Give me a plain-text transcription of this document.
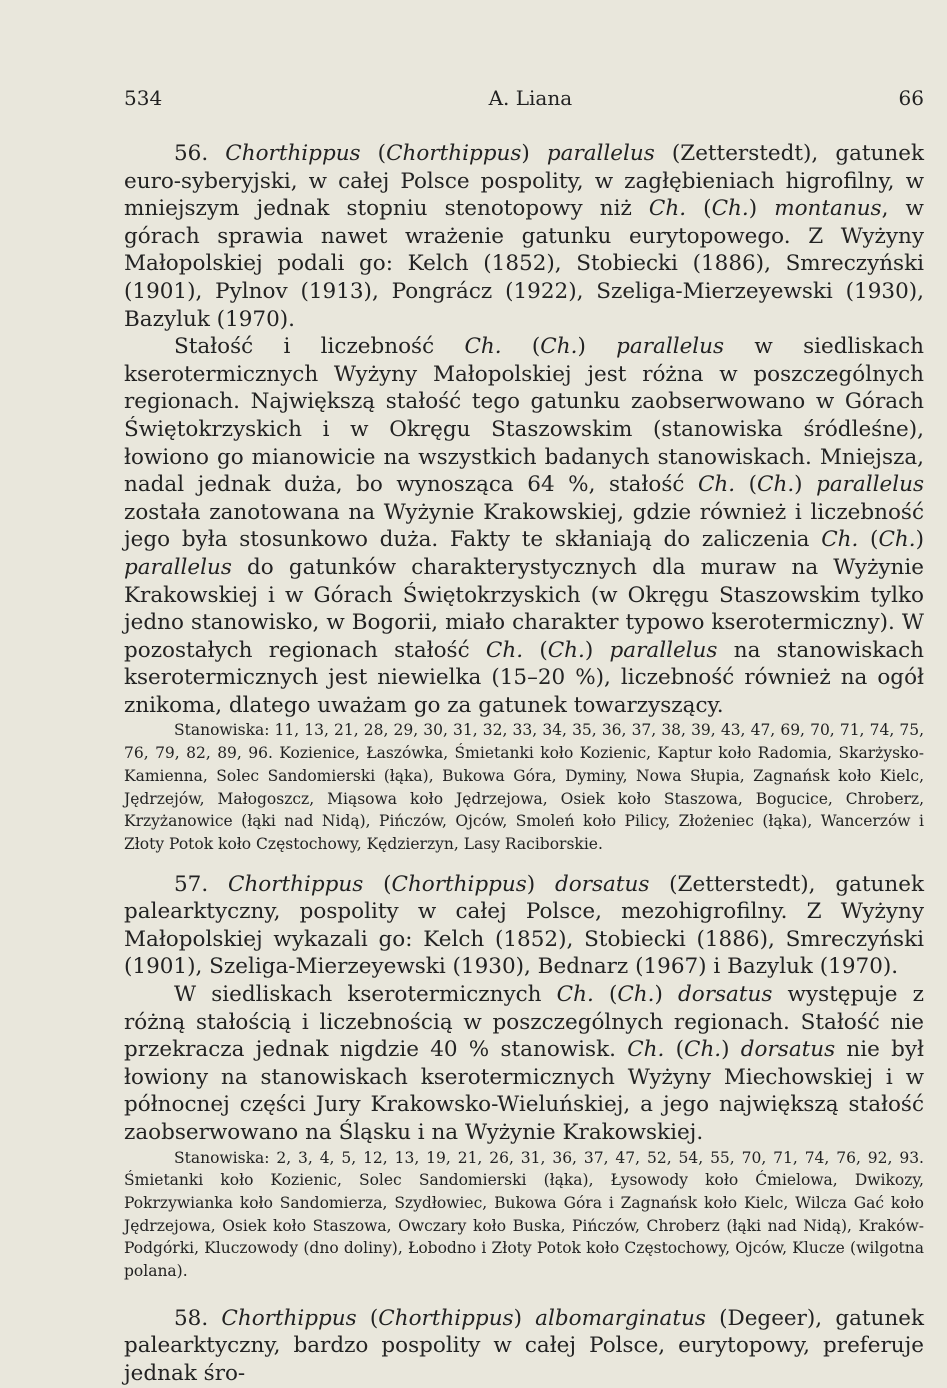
534	A. Liana	66

56. Chorthippus (Chorthippus) parallelus (Zetterstedt), gatunek euro-syberyjski, w całej Polsce pospolity, w zagłębieniach higrofilny, w mniejszym jednak stopniu stenotopowy niż Ch. (Ch.) montanus, w górach sprawia nawet wrażenie gatunku eurytopowego. Z Wyżyny Małopolskiej podali go: Kelch (1852), Stobiecki (1886), Smreczyński (1901), Pylnov (1913), Pongrácz (1922), Szeliga-Mierzeyewski (1930), Bazyluk (1970).

Stałość i liczebność Ch. (Ch.) parallelus w siedliskach kserotermicznych Wyżyny Małopolskiej jest różna w poszczególnych regionach. Największą stałość tego gatunku zaobserwowano w Górach Świętokrzyskich i w Okręgu Staszowskim (stanowiska śródleśne), łowiono go mianowicie na wszystkich badanych stanowiskach. Mniejsza, nadal jednak duża, bo wynosząca 64 %, stałość Ch. (Ch.) parallelus została zanotowana na Wyżynie Krakowskiej, gdzie również i liczebność jego była stosunkowo duża. Fakty te skłaniają do zaliczenia Ch. (Ch.) parallelus do gatunków charakterystycznych dla muraw na Wyżynie Krakowskiej i w Górach Świętokrzyskich (w Okręgu Staszowskim tylko jedno stanowisko, w Bogorii, miało charakter typowo kserotermiczny). W pozostałych regionach stałość Ch. (Ch.) parallelus na stanowiskach kserotermicznych jest niewielka (15–20 %), liczebność również na ogół znikoma, dlatego uważam go za gatunek towarzyszący.

Stanowiska: 11, 13, 21, 28, 29, 30, 31, 32, 33, 34, 35, 36, 37, 38, 39, 43, 47, 69, 70, 71, 74, 75, 76, 79, 82, 89, 96. Kozienice, Łaszówka, Śmietanki koło Kozienic, Kaptur koło Radomia, Skarżysko-Kamienna, Solec Sandomierski (łąka), Bukowa Góra, Dyminy, Nowa Słupia, Zagnańsk koło Kielc, Jędrzejów, Małogoszcz, Miąsowa koło Jędrzejowa, Osiek koło Staszowa, Bogucice, Chroberz, Krzyżanowice (łąki nad Nidą), Pińczów, Ojców, Smoleń koło Pilicy, Złożeniec (łąka), Wancerzów i Złoty Potok koło Częstochowy, Kędzierzyn, Lasy Raciborskie.

57. Chorthippus (Chorthippus) dorsatus (Zetterstedt), gatunek palearktyczny, pospolity w całej Polsce, mezohigrofilny. Z Wyżyny Małopolskiej wykazali go: Kelch (1852), Stobiecki (1886), Smreczyński (1901), Szeliga-Mierzeyewski (1930), Bednarz (1967) i Bazyluk (1970).

W siedliskach kserotermicznych Ch. (Ch.) dorsatus występuje z różną stałością i liczebnością w poszczególnych regionach. Stałość nie przekracza jednak nigdzie 40 % stanowisk. Ch. (Ch.) dorsatus nie był łowiony na stanowiskach kserotermicznych Wyżyny Miechowskiej i w północnej części Jury Krakowsko-Wieluńskiej, a jego największą stałość zaobserwowano na Śląsku i na Wyżynie Krakowskiej.

Stanowiska: 2, 3, 4, 5, 12, 13, 19, 21, 26, 31, 36, 37, 47, 52, 54, 55, 70, 71, 74, 76, 92, 93. Śmietanki koło Kozienic, Solec Sandomierski (łąka), Łysowody koło Ćmielowa, Dwikozy, Pokrzywianka koło Sandomierza, Szydłowiec, Bukowa Góra i Zagnańsk koło Kielc, Wilcza Gać koło Jędrzejowa, Osiek koło Staszowa, Owczary koło Buska, Pińczów, Chroberz (łąki nad Nidą), Kraków-Podgórki, Kluczowody (dno doliny), Łobodno i Złoty Potok koło Częstochowy, Ojców, Klucze (wilgotna polana).

58. Chorthippus (Chorthippus) albomarginatus (Degeer), gatunek palearktyczny, bardzo pospolity w całej Polsce, eurytopowy, preferuje jednak śro-
